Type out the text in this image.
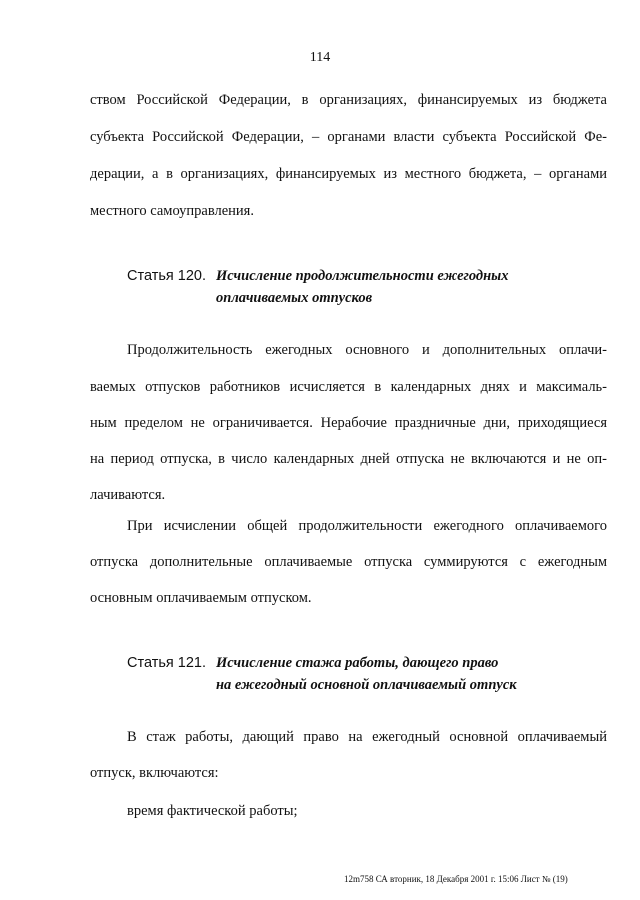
114
ством Российской Федерации, в организациях, финансируемых из бюджета
субъекта Российской Федерации, – органами власти субъекта Российской Фе-
дерации, а в организациях, финансируемых из местного бюджета, – органами
местного самоуправления.
Статья 120. Исчисление продолжительности ежегодных
оплачиваемых отпусков
Продолжительность ежегодных основного и дополнительных оплачи-
ваемых отпусков работников исчисляется в календарных днях и максималь-
ным пределом не ограничивается. Нерабочие праздничные дни, приходящиеся
на период отпуска, в число календарных дней отпуска не включаются и не оп-
лачиваются.
При исчислении общей продолжительности ежегодного оплачиваемого
отпуска дополнительные оплачиваемые отпуска суммируются с ежегодным
основным оплачиваемым отпуском.
Статья 121. Исчисление стажа работы, дающего право
на ежегодный основной оплачиваемый отпуск
В стаж работы, дающий право на ежегодный основной оплачиваемый
отпуск, включаются:
время фактической работы;
12m758 СА вторник, 18 Декабря 2001 г. 15:06 Лист № (19)
